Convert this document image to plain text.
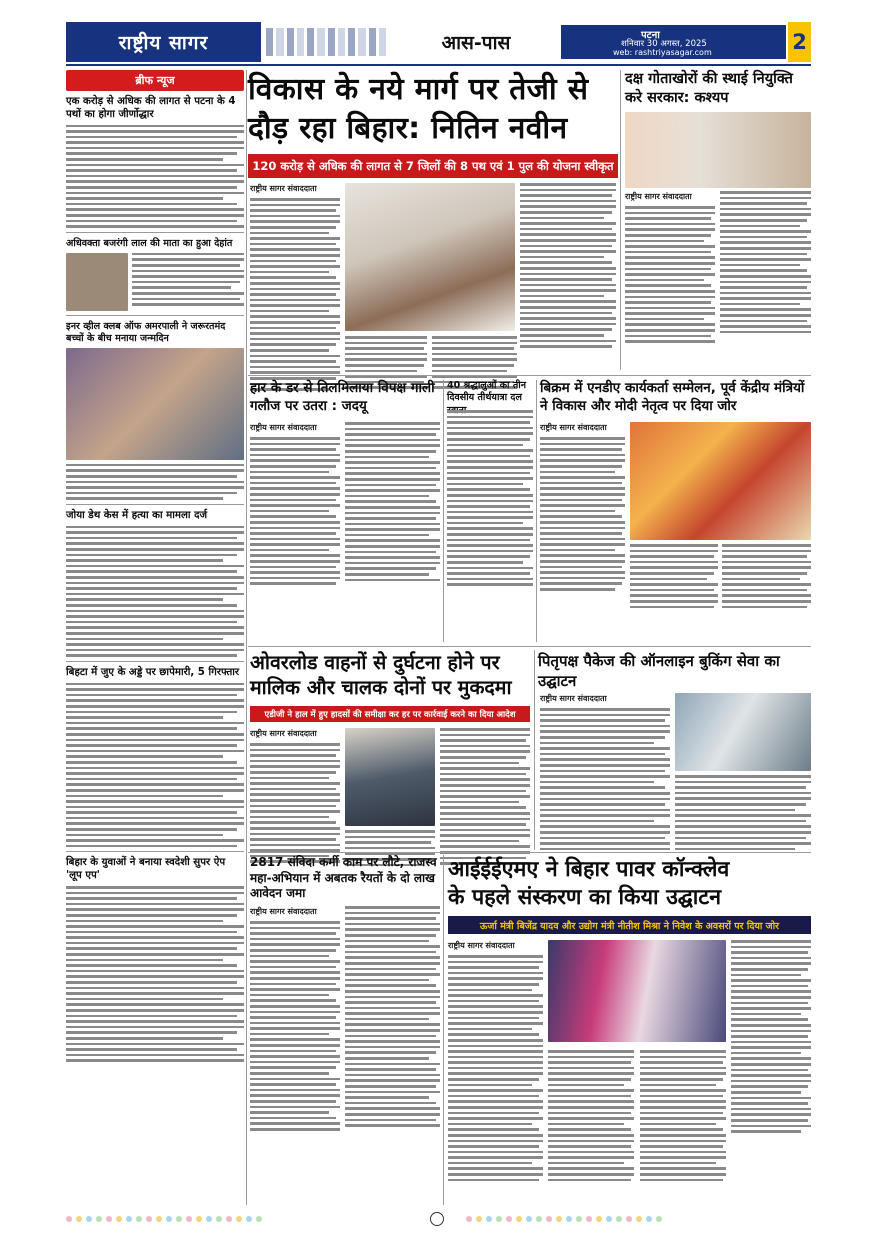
राष्ट्रीय सागर	आस-पास	पटना
शनिवार 30 अगस्त, 2025
web: rashtriyasagar.com	2
ब्रीफ न्यूज
एक करोड़ से अधिक की लागत से पटना के 4 पथों का होगा जीर्णोद्धार
अधिवक्ता बजरंगी लाल की माता का हुआ देहांत
इनर व्हील क्लब ऑफ अमरपाली ने जरूरतमंद बच्चों के बीच मनाया जन्मदिन
जोया डेथ केस में हत्या का मामला दर्ज
बिहटा में जुए के अड्डे पर छापेमारी, 5 गिरफ्तार
बिहार के युवाओं ने बनाया स्वदेशी सुपर ऐप 'लूप एप'
विकास के नये मार्ग पर तेजी से
दौड़ रहा बिहार: नितिन नवीन
120 करोड़ से अधिक की लागत से 7 जिलों की 8 पथ एवं 1 पुल की योजना स्वीकृत
राष्ट्रीय सागर संवाददाता
दक्ष गोताखोरों की स्थाई नियुक्ति करे सरकार: कश्यप
राष्ट्रीय सागर संवाददाता
हार के डर से तिलमिलाया विपक्ष गाली गलौज पर उतरा : जदयू
राष्ट्रीय सागर संवाददाता
40 श्रद्धालुओं का तीन दिवसीय तीर्थयात्रा दल
बिक्रम में एनडीए कार्यकर्ता सम्मेलन, पूर्व केंद्रीय मंत्रियों ने विकास और मोदी नेतृत्व पर दिया जोर
राष्ट्रीय सागर संवाददाता
ओवरलोड वाहनों से दुर्घटना होने पर
मालिक और चालक दोनों पर मुकदमा
एडीजी ने हाल में हुए हादसों की समीक्षा कर हर पर कार्रवाई करने का दिया आदेश
राष्ट्रीय सागर संवाददाता
पितृपक्ष पैकेज की ऑनलाइन बुकिंग सेवा का उद्घाटन
राष्ट्रीय सागर संवाददाता
2817 संविदा कर्मी काम पर लौटे, राजस्व महा-अभियान में अबतक रैयतों के दो लाख आवेदन जमा
राष्ट्रीय सागर संवाददाता
आईईईएमए ने बिहार पावर कॉन्क्लेव
के पहले संस्करण का किया उद्घाटन
ऊर्जा मंत्री बिजेंद्र यादव और उद्योग मंत्री नीतीश मिश्रा ने निवेश के अवसरों पर दिया जोर
राष्ट्रीय सागर संवाददाता
